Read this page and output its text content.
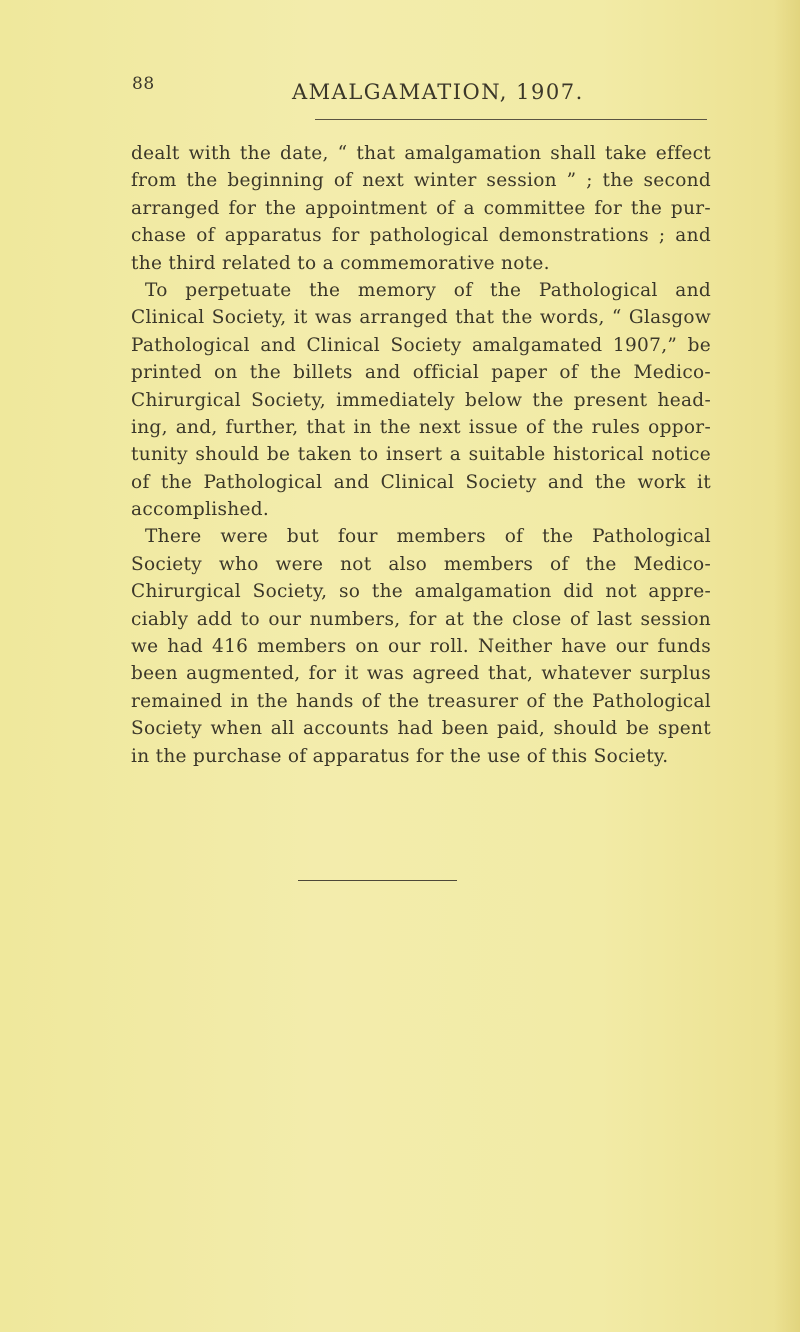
88	AMALGAMATION, 1907.
dealt with the date, “ that amalgamation shall take effect
from the beginning of next winter session ” ; the second
arranged for the appointment of a committee for the pur-
chase of apparatus for pathological demonstrations ; and
the third related to a commemorative note.
To perpetuate the memory of the Pathological and
Clinical Society, it was arranged that the words, “ Glasgow
Pathological and Clinical Society amalgamated 1907,” be
printed on the billets and official paper of the Medico-
Chirurgical Society, immediately below the present head-
ing, and, further, that in the next issue of the rules oppor-
tunity should be taken to insert a suitable historical notice
of the Pathological and Clinical Society and the work it
accomplished.
There were but four members of the Pathological
Society who were not also members of the Medico-
Chirurgical Society, so the amalgamation did not appre-
ciably add to our numbers, for at the close of last session
we had 416 members on our roll. Neither have our funds
been augmented, for it was agreed that, whatever surplus
remained in the hands of the treasurer of the Pathological
Society when all accounts had been paid, should be spent
in the purchase of apparatus for the use of this Society.
